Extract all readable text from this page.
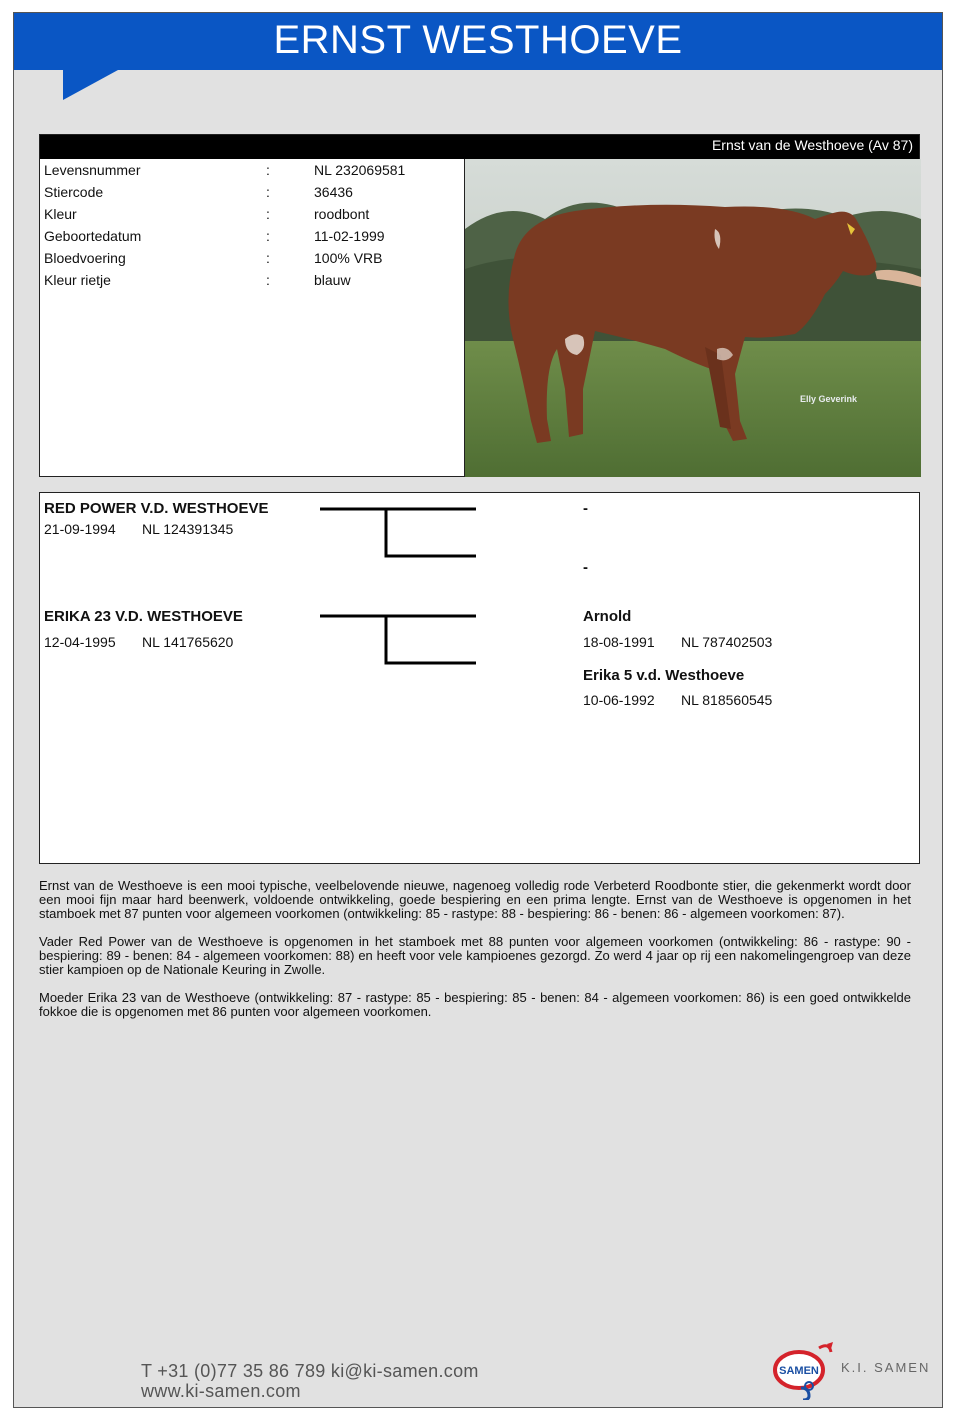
ERNST WESTHOEVE
Ernst van de Westhoeve (Av 87)
Levensnummer	:	NL 232069581
Stiercode	:	36436
Kleur	:	roodbont
Geboortedatum	:	11-02-1999
Bloedvoering	:	100% VRB
Kleur rietje	:	blauw
Elly Geverink
RED POWER V.D. WESTHOEVE
21-09-1994 NL 124391345
-
-
ERIKA 23 V.D. WESTHOEVE
12-04-1995 NL 141765620
Arnold
18-08-1991 NL 787402503
Erika 5 v.d. Westhoeve
10-06-1992 NL 818560545

Ernst van de Westhoeve is een mooi typische, veelbelovende nieuwe, nagenoeg volledig rode Verbeterd Roodbonte stier, die gekenmerkt wordt door een mooi fijn maar hard beenwerk, voldoende ontwikkeling, goede bespiering en een prima lengte. Ernst van de Westhoeve is opgenomen in het stamboek met 87 punten voor algemeen voorkomen (ontwikkeling: 85 - rastype: 88 - bespiering: 86 - benen: 86 - algemeen voorkomen: 87).

Vader Red Power van de Westhoeve is opgenomen in het stamboek met 88 punten voor algemeen voorkomen (ontwikkeling: 86 - rastype: 90 - bespiering: 89 - benen: 84 - algemeen voorkomen: 88) en heeft voor vele kampioenes gezorgd. Zo werd 4 jaar op rij een nakomelingengroep van deze stier kampioen op de Nationale Keuring in Zwolle.

Moeder Erika 23 van de Westhoeve (ontwikkeling: 87 - rastype: 85 - bespiering: 85 - benen: 84 - algemeen voorkomen: 86) is een goed ontwikkelde fokkoe die is opgenomen met 86 punten voor algemeen voorkomen.

T +31 (0)77 35 86 789 ki@ki-samen.com
www.ki-samen.com
SAMEN K.I. SAMEN
